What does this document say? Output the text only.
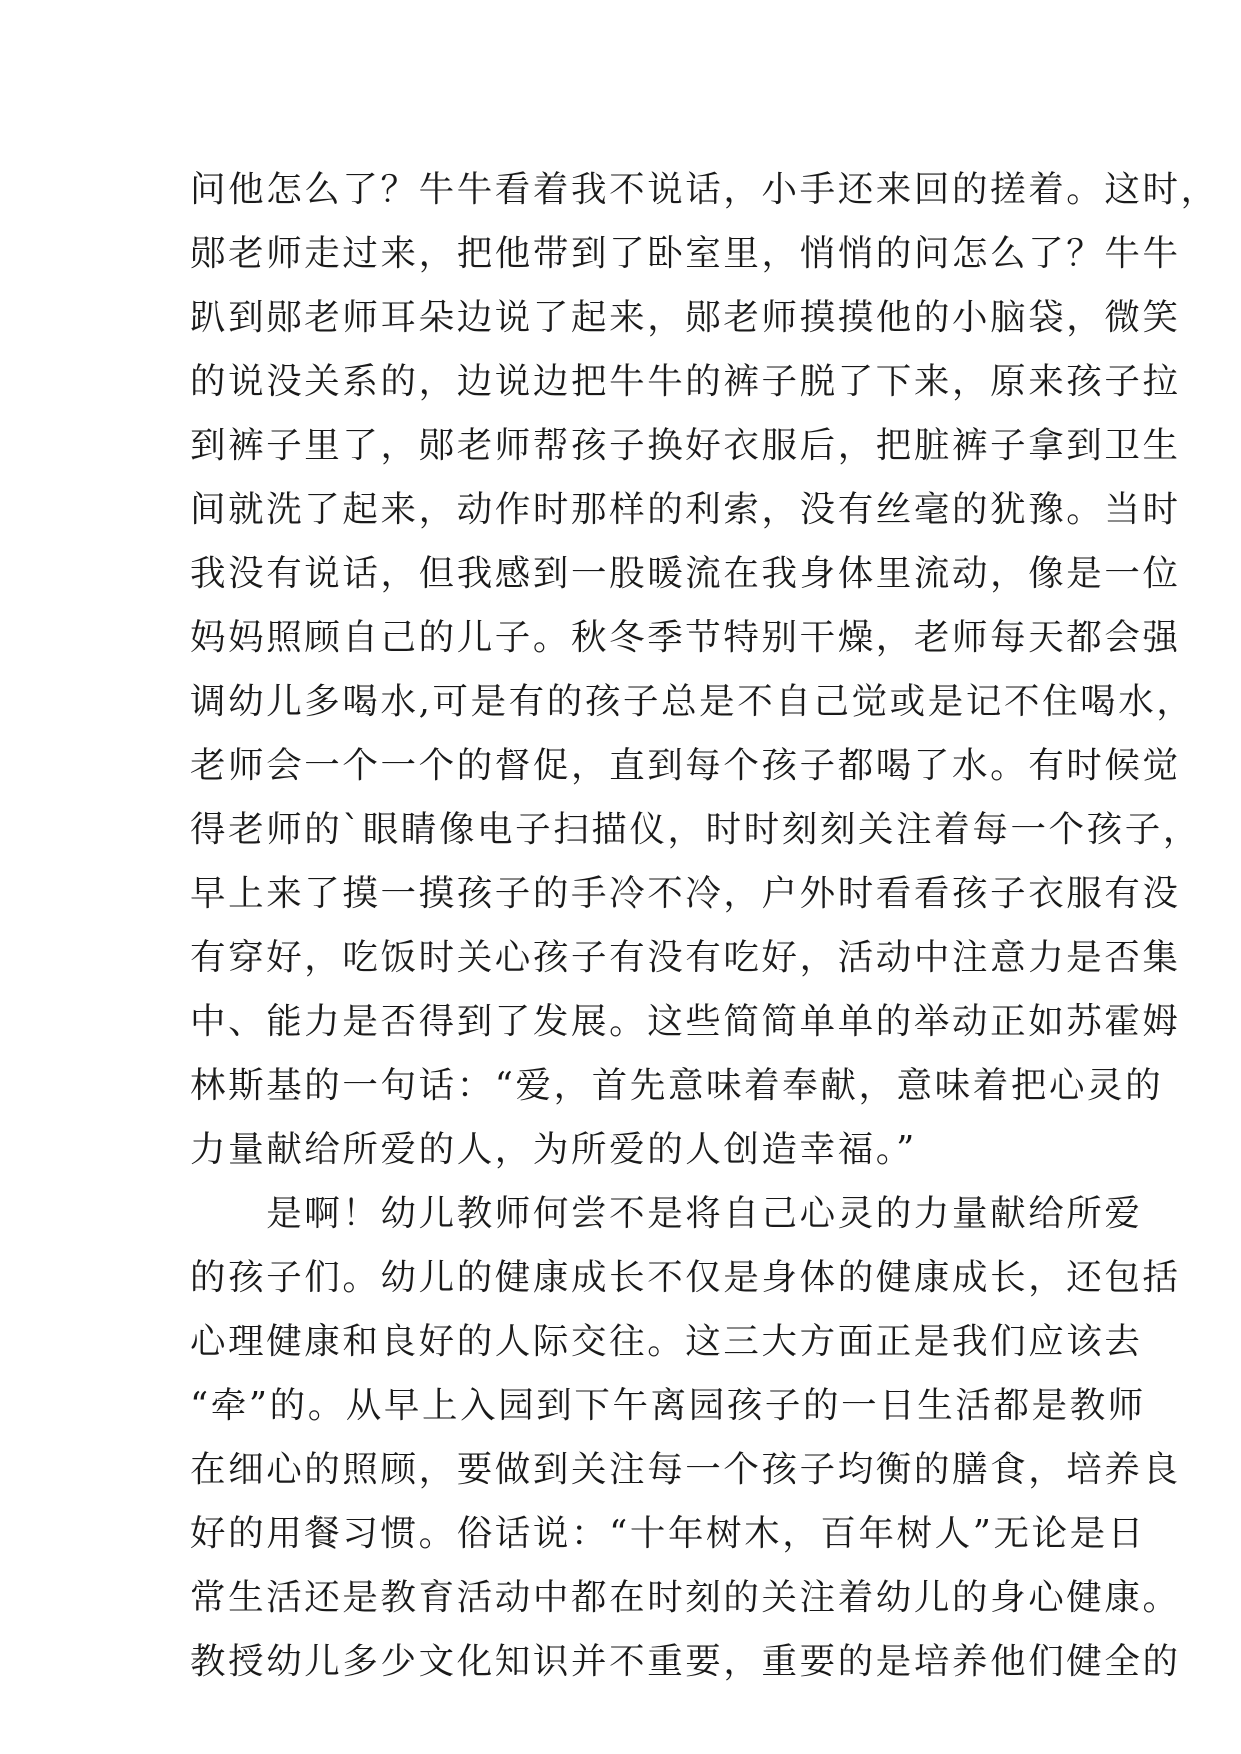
问他怎么了？牛牛看着我不说话，小手还来回的搓着。这时，
郧老师走过来，把他带到了卧室里，悄悄的问怎么了？牛牛
趴到郧老师耳朵边说了起来，郧老师摸摸他的小脑袋，微笑
的说没关系的，边说边把牛牛的裤子脱了下来，原来孩子拉
到裤子里了，郧老师帮孩子换好衣服后，把脏裤子拿到卫生
间就洗了起来，动作时那样的利索，没有丝毫的犹豫。当时
我没有说话，但我感到一股暖流在我身体里流动，像是一位
妈妈照顾自己的儿子。秋冬季节特别干燥，老师每天都会强
调幼儿多喝水,可是有的孩子总是不自己觉或是记不住喝水，
老师会一个一个的督促，直到每个孩子都喝了水。有时候觉
得老师的`眼睛像电子扫描仪，时时刻刻关注着每一个孩子，
早上来了摸一摸孩子的手冷不冷，户外时看看孩子衣服有没
有穿好，吃饭时关心孩子有没有吃好，活动中注意力是否集
中、能力是否得到了发展。这些简简单单的举动正如苏霍姆
林斯基的一句话：“爱，首先意味着奉献，意味着把心灵的
力量献给所爱的人，为所爱的人创造幸福。”
　　是啊！幼儿教师何尝不是将自己心灵的力量献给所爱
的孩子们。幼儿的健康成长不仅是身体的健康成长，还包括
心理健康和良好的人际交往。这三大方面正是我们应该去
“牵”的。从早上入园到下午离园孩子的一日生活都是教师
在细心的照顾，要做到关注每一个孩子均衡的膳食，培养良
好的用餐习惯。俗话说：“十年树木，百年树人”无论是日
常生活还是教育活动中都在时刻的关注着幼儿的身心健康。
教授幼儿多少文化知识并不重要，重要的是培养他们健全的
